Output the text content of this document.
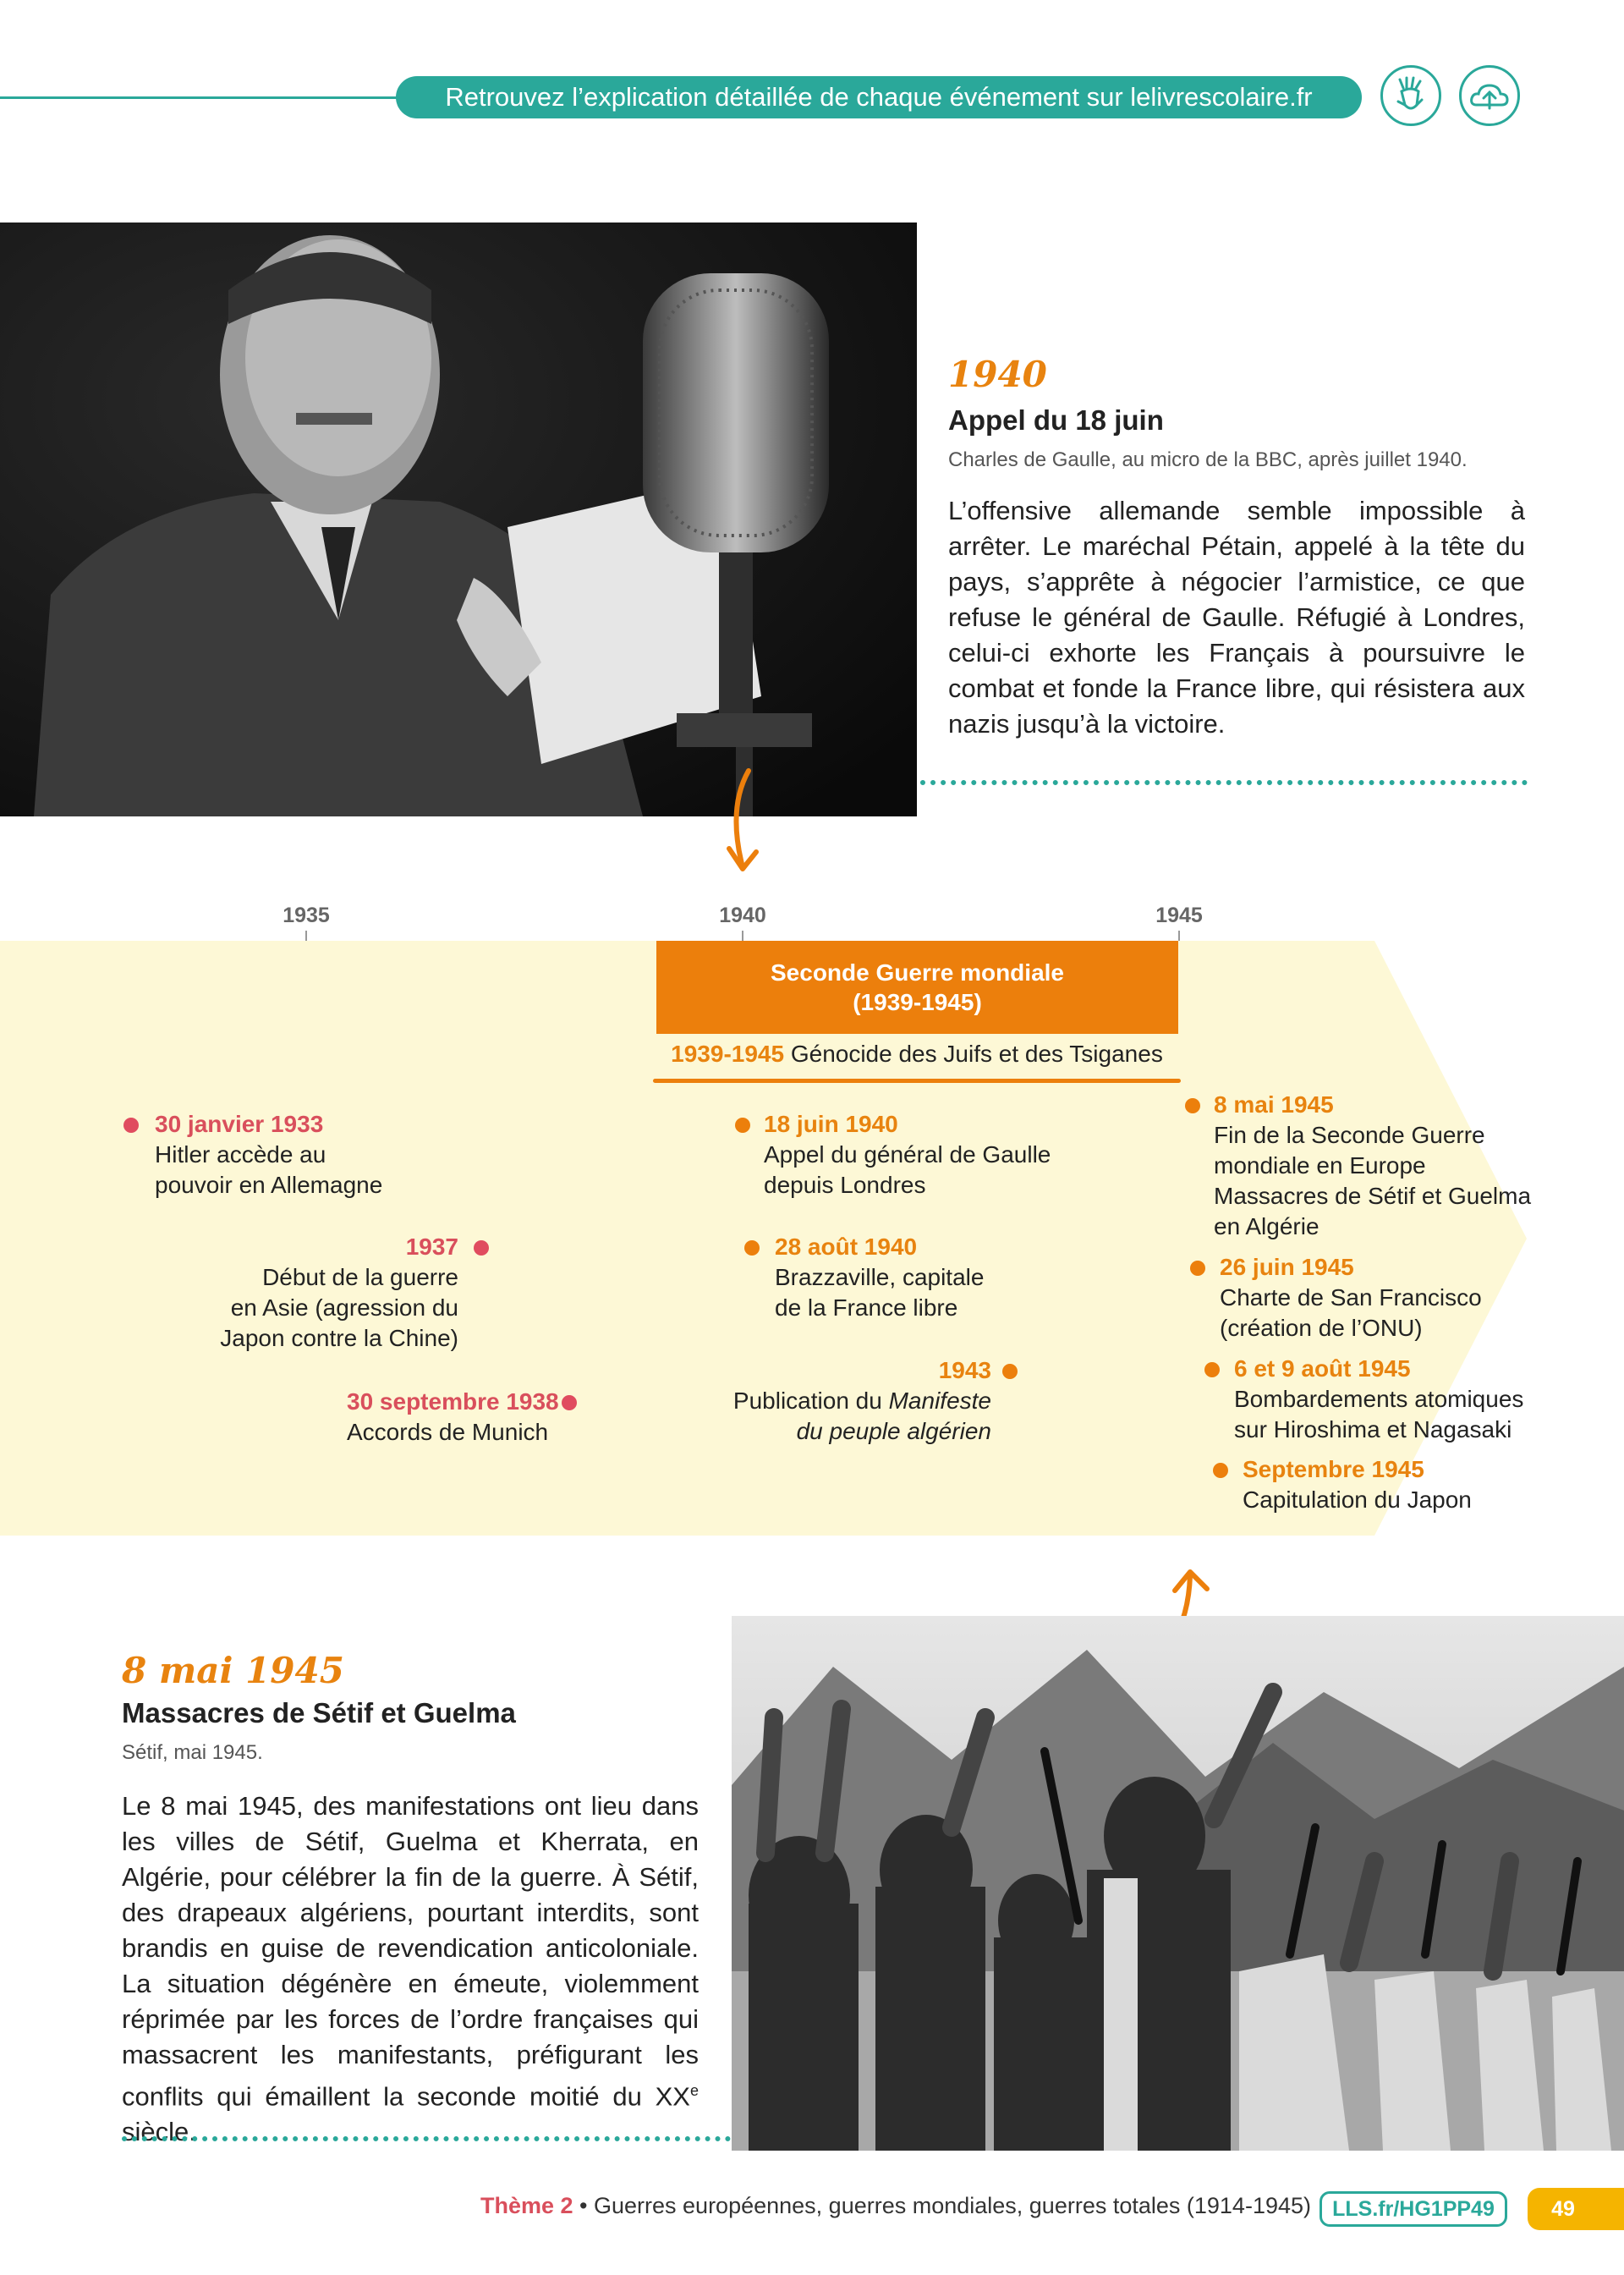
Retrouvez l’explication détaillée de chaque événement sur lelivrescolaire.fr
1940
Appel du 18 juin
Charles de Gaulle, au micro de la BBC, après juillet 1940.
L’offensive allemande semble impossible à arrêter. Le maréchal Pétain, appelé à la tête du pays, s’apprête à négocier l’armistice, ce que refuse le général de Gaulle. Réfugié à Londres, celui-ci exhorte les Français à poursuivre le combat et fonde la France libre, qui résistera aux nazis jusqu’à la victoire.
1935	1940	1945
Seconde Guerre mondiale
(1939-1945)
1939-1945 Génocide des Juifs et des Tsiganes
30 janvier 1933
Hitler accède au
pouvoir en Allemagne
1937
Début de la guerre
en Asie (agression du
Japon contre la Chine)
30 septembre 1938
Accords de Munich
18 juin 1940
Appel du général de Gaulle
depuis Londres
28 août 1940
Brazzaville, capitale
de la France libre
1943
Publication du Manifeste
du peuple algérien
8 mai 1945
Fin de la Seconde Guerre
mondiale en Europe
Massacres de Sétif et Guelma
en Algérie
26 juin 1945
Charte de San Francisco
(création de l’ONU)
6 et 9 août 1945
Bombardements atomiques
sur Hiroshima et Nagasaki
Septembre 1945
Capitulation du Japon
8 mai 1945
Massacres de Sétif et Guelma
Sétif, mai 1945.
Le 8 mai 1945, des manifestations ont lieu dans les villes de Sétif, Guelma et Kherrata, en Algérie, pour célébrer la fin de la guerre. À Sétif, des drapeaux algériens, pourtant interdits, sont brandis en guise de revendication anticoloniale. La situation dégénère en émeute, violemment réprimée par les forces de l’ordre françaises qui massacrent les manifestants, préfigurant les conflits qui émaillent la seconde moitié du XXe siècle.
Thème 2 • Guerres européennes, guerres mondiales, guerres totales (1914-1945)	LLS.fr/HG1PP49	49
